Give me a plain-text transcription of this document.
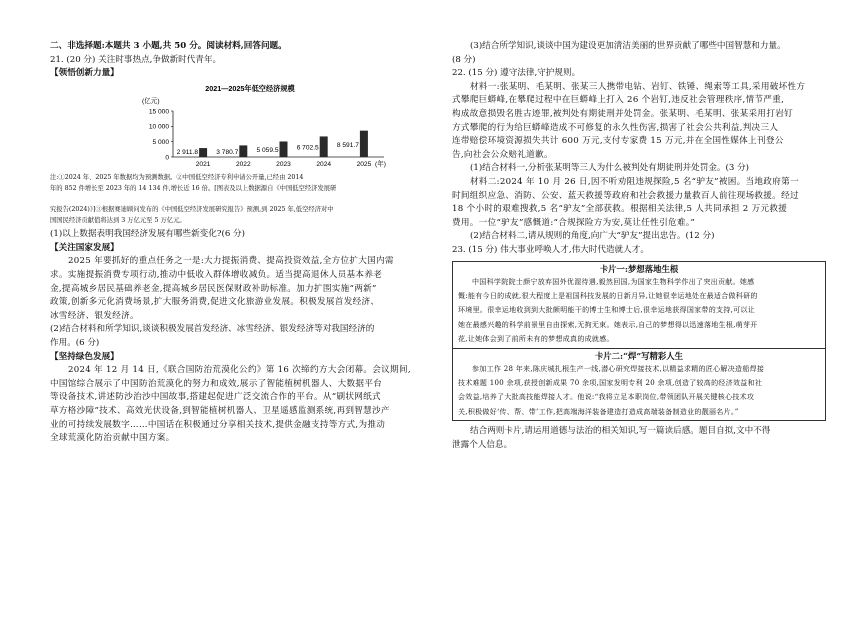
二、非选择题:本题共 3 小题,共 50 分。阅读材料,回答问题。

21. (20 分) 关注时事热点,争做新时代青年。

【领悟创新力量】

2021—2025年低空经济规模
(亿元)
15 000
10 000
5 000
0
2 911.8
2021
3 780.7
2022
5 059.5
2023
6 702.5
2024
8 591.7
2025 (年)

注:①2024 年、2025 年数据均为预测数据。②中国低空经济专利申请公开量,已经由 2014

年的 852 件增长至 2023 年的 14 134 件,增长近 16 倍。[图表及以上数据源自《中国低空经济发展研

究报告(2024)》]③根据赛迪顾问发布的《中国低空经济发展研究报告》预测,到 2025 年,低空经济对中

国国民经济贡献值将达到 3 万亿元至 5 万亿元。

(1)以上数据表明我国经济发展有哪些新变化?(6 分)

【关注国家发展】

2025 年要抓好的重点任务之一是:大力提振消费、提高投资效益,全方位扩大国内需

求。实施提振消费专项行动,推动中低收入群体增收减负。适当提高退休人员基本养老

金,提高城乡居民基础养老金,提高城乡居民医保财政补助标准。加力扩围实施“两新”

政策,创新多元化消费场景,扩大服务消费,促进文化旅游业发展。积极发展首发经济、

冰雪经济、银发经济。

(2)结合材料和所学知识,谈谈积极发展首发经济、冰雪经济、银发经济等对我国经济的

作用。(6 分)

【坚持绿色发展】

2024 年 12 月 14 日,《联合国防治荒漠化公约》第 16 次缔约方大会闭幕。会议期间,

中国馆综合展示了中国防治荒漠化的努力和成效,展示了智能植树机器人、大数据平台

等设备技术,讲述防沙治沙中国故事,搭建起促进广泛交流合作的平台。从“刷状网纸式

草方格沙障”技术、高效光伏设备,到智能植树机器人、卫星遥感监测系统,再到智慧沙产

业的可持续发展数字……中国话在积极通过分享相关技术,提供金融支持等方式,为推动

全球荒漠化防治贡献中国方案。

(3)结合所学知识,谈谈中国为建设更加清洁美丽的世界贡献了哪些中国智慧和力量。

(8 分)

22. (15 分) 遵守法律,守护规则。

材料一:张某明、毛某明、张某三人携带电钻、岩钉、铁锤、绳索等工具,采用破坏性方

式攀爬巨蟒峰,在攀爬过程中在巨蟒峰上打入 26 个岩钉,违反社会管理秩序,情节严重,

构成故意损毁名胜古迹罪,被判处有期徒刑并处罚金。张某明、毛某明、张某采用打岩钉

方式攀爬的行为给巨蟒峰造成不可修复的永久性伤害,损害了社会公共利益,判决三人

连带赔偿环境资源损失共计 600 万元,支付专家费 15 万元,并在全国性媒体上刊登公

告,向社会公众赔礼道歉。

(1)结合材料一,分析张某明等三人为什么被判处有期徒刑并处罚金。(3 分)

材料二:2024 年 10 月 26 日,因不听劝阻违规探险,5 名“驴友”被困。当地政府第一

时间组织应急、消防、公安、蓝天救援等政府和社会救援力量救百人前往现场救援。经过

18 个小时的艰难搜救,5 名“驴友”全部获救。根据相关法律,5 人共同承担 2 万元救援

费用。一位“驴友”感慨道:“合规探险方为安,莫让任性引危难。”

(2)结合材料二,请从规则的角度,向广大“驴友”提出忠告。(12 分)

23. (15 分) 伟大事业呼唤人才,伟大时代造就人才。

卡片一:梦想落地生根
中国科学院院士颜宁放弃国外优渥待遇,毅然回国,为国家生物科学作出了突出贡献。她感
慨:能有今日的成就,很大程度上是祖国科技发展的日新月异,让她很幸运地处在最适合做科研的
环境里。很幸运地收到到大批颇明能干的博士生和博士后,很幸运地获得国家带的支持,可以让
她在最感兴趣的科学前景里自由探索,无拘无束。她表示,自己的梦想得以迅速落地生根,萌芽开
花,让她体会到了前所未有的梦想成真的成就感。
卡片二:“焊”写精彩人生
参加工作 28 年来,陈庆城扎根生产一线,潜心研究焊接技术,以精益求精的匠心解决造船焊接
技术难题 100 余项,获授创新成果 70 余项,国家发明专利 20 余项,创造了较高的经济效益和社
会效益,培养了大批高技能焊接人才。他说:“我将立足本职岗位,带领团队开展关键核心技术攻
关,积极做好‘传、帮、带’工作,把高端海洋装备建造打造成高端装备制造业的靓丽名片。”

结合两则卡片,请运用道德与法治的相关知识,写一篇读后感。题目自拟,文中不得

泄露个人信息。
